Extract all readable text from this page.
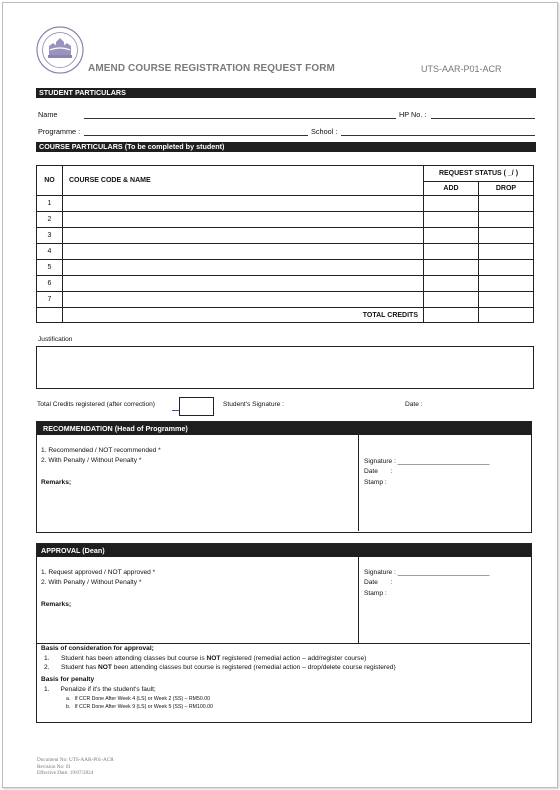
AMEND COURSE REGISTRATION REQUEST FORM	UTS-AAR-P01-ACR
STUDENT PARTICULARS
Name	HP No. :
Programme :	School :
COURSE PARTICULARS (To be completed by student)
NO	COURSE CODE & NAME	REQUEST STATUS ( _/ )	
		ADD	DROP
1			
2			
3			
4			
5			
6			
7			
	TOTAL CREDITS		
Justification
Total Credits registered (after correction)	Student's Signature :	Date :
RECOMMENDATION (Head of Programme)
1. Recommended / NOT recommended *
2. With Penalty / Without Penalty *
Remarks;
Signature : _________________________
Date       :
Stamp :
APPROVAL (Dean)
1. Request approved / NOT approved *
2. With Penalty / Without Penalty *
Remarks;
Signature : _________________________
Date       :
Stamp :
Basis of consideration for approval;
1. Student has been attending classes but course is NOT registered (remedial action – add/register course)
2. Student has NOT been attending classes but course is registered (remedial action – drop/delete course registered)
Basis for penalty
1.      Penalize if it's the student's fault;
a.   If CCR Done After Week 4 (LS) or Week 2 (SS) – RM50.00
b.   If CCR Done After Week 9 (LS) or Week 5 (SS) – RM100.00
Document No: UTS-AAR-P01-ACR
Revision No: 01
Effective Date: 19/07/2024
